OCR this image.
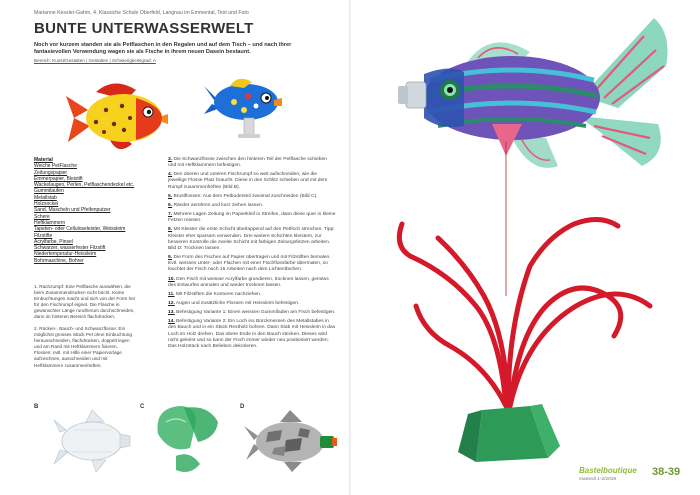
Marianne Kessler-Gahm, 4. Klassiche Schule Oberfeld, Langnau im Emmental, Text und Foto
BUNTE UNTERWASSERWELT
Noch vor kurzem standen sie als Petflaschen in den Regalen und auf dem Tisch – und nach ihrer fantasievollen Verwendung wagen sie als Fische in ihrem neuen Dasein bestaunt.
Bereich: Kunst/Gestalten | Gestalten | Schwierigkeitsgrad: A
Material
Weiche PetFlasche
Zeitungspapier
Emmerpapier, Bleistift
Wackelaugen, Perlen, Petflaschendeckel etc.
Gummilaufen
Metallstab
Holzsockel
Sand, Muscheln und Pfeifenputzer
Schere
Heftklammern
Tapeten- oder Celluloseleister, Weissleim
Filzstifte
Acrylfarbe, Pinsel
Schwarzer, wasserfester Filzstift
Niedertemperatur-Heissleim
Bohrmaschine, Bohrer
1. Rachzumpf: Eine Petflasche auswählen, die beim Zusammendrücken nicht bricht. Keine Einbuchtungen macht und sich von der Form her für den Fischrumpf eignet. Die Flasche in gewünschter Länge rundherum durchschneiden, dann im hinteren Bereich flachdrücken.
2. Rücken-, Bauch- und Schwanzflosse: Ein möglichst grosses Stück Pet ohne Einbuchtung herausschneiden, flachdrücken, doppelt legen und am Rand mit Heftklammern fixieren. Flossen: evtl. mit Hilfe einer Papiervorlage aufzeichnen, ausschneiden und mit Heftklammern zusammenheften.
3. Die Schwanzflosse zwischen den hinteren Teil der Petflasche schieben und mit Heftklammern befestigen.
4. Den oberen und unteren Fischrumpf so weit aufschneiden, wie die jeweilige Flosse Platz braucht. Diese in den Schlitz schieben und mit dem Rumpf zusammenheften (Bild B).
5. Brustflossen: Aus dem Petbodenteil zweimal zuschneiden (Bild C).
6. Ränder anrühren und kurz ziehen lassen.
7. Mehrere Lagen Zeitung im Papierkleif in Streifen, dann diese quer in kleine Fetzen reissen.
8. Mit Kleister die erste Schicht überlappend auf den Petfisch streichen. Tipp: Kleister eher sparsam verwenden. Drei weitere Schichten kleistern, zur besseren Kontrolle die zweite Schicht mit farbigen Zeitungsfetzen arbeiten. Bild D: Trocknen lassen.
9. Die Form des Fisches auf Papier übertragen und mit Filzstiften bemalen. Evtl. weisses Unter- oder Flachen mit einer Fischflossfarbe übermalen, so leuchtet der Fisch noch 15 Arbeiten nach dem Lichtentfachen.
10. Den Fisch mit weisser Acrylfarbe grundieren, trocknen lassen, gemäss des Entwurfes anmalen und wieder trocknen lassen.
11. Mit Filzstiften die Konturen nachziehen.
12. Augen und zusätzliche Flossen mit Heissleim befestigen.
13. Befestigung Variante 1: Einen weissen Gummifaden am Fisch befestigen.
14. Befestigung Variante 2: Ein Loch ins Bürckmessen des Metallstabes in den Bauch und in ein Stück Restholz bohren. Dann Stab mit Heissleim in das Loch im Holz drehen. Das obere Ende in den Bauch stecken. Dieses wird nicht geleimt und so kann der Fisch immer wieder neu positioniert werden. Das Holzstück nach Belieben dekorieren.
B	C	D
Bastelboutique
maniedi 1-2/2019
38-39
